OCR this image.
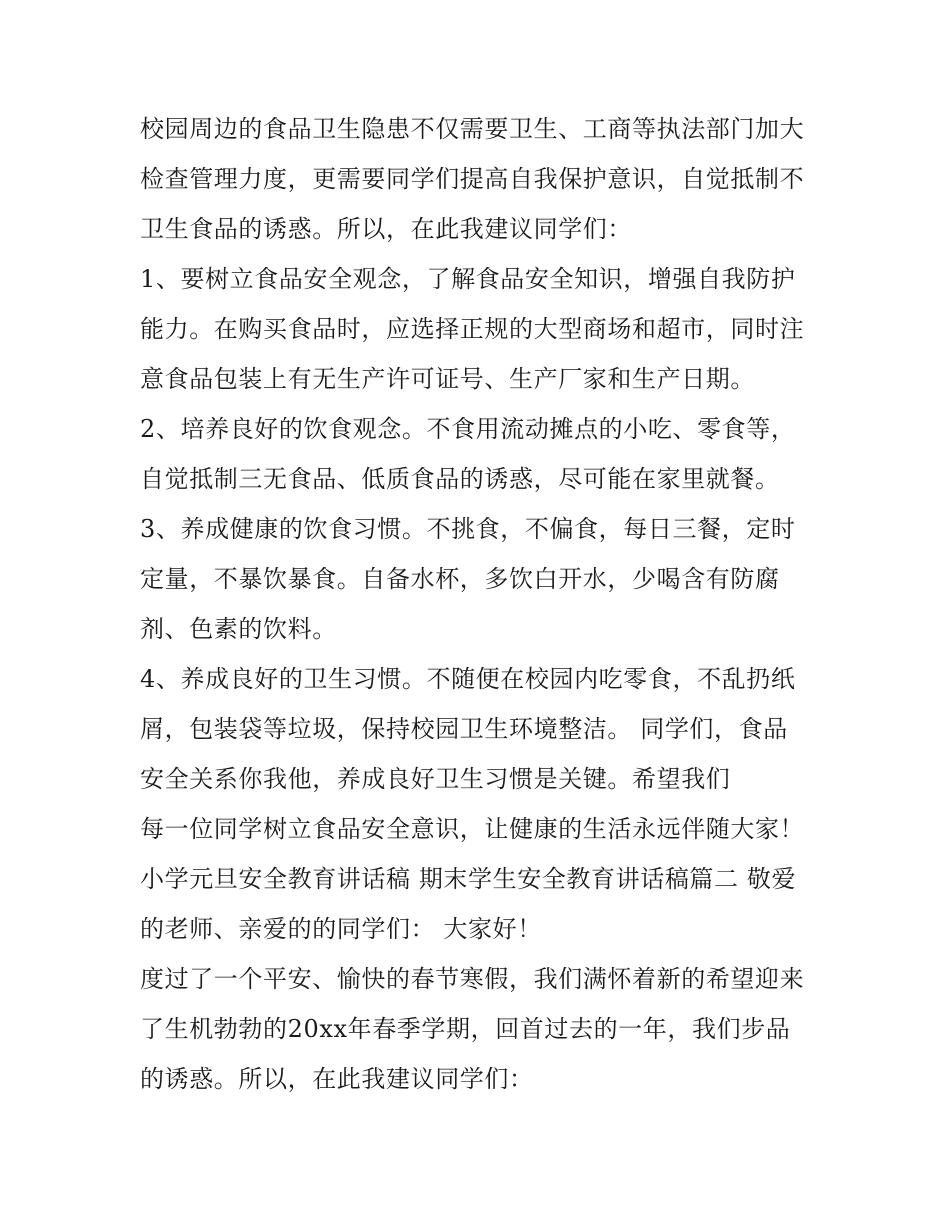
校园周边的食品卫生隐患不仅需要卫生、工商等执法部门加大
检查管理力度，更需要同学们提高自我保护意识，自觉抵制不
卫生食品的诱惑。所以，在此我建议同学们：
1、要树立食品安全观念，了解食品安全知识，增强自我防护
能力。在购买食品时，应选择正规的大型商场和超市，同时注
意食品包装上有无生产许可证号、生产厂家和生产日期。
2、培养良好的饮食观念。不食用流动摊点的小吃、零食等，
自觉抵制三无食品、低质食品的诱惑，尽可能在家里就餐。
3、养成健康的饮食习惯。不挑食，不偏食，每日三餐，定时
定量，不暴饮暴食。自备水杯，多饮白开水，少喝含有防腐
剂、色素的饮料。
4、养成良好的卫生习惯。不随便在校园内吃零食，不乱扔纸
屑，包装袋等垃圾，保持校园卫生环境整洁。 同学们，食品
安全关系你我他，养成良好卫生习惯是关键。希望我们
每一位同学树立食品安全意识，让健康的生活永远伴随大家！
小学元旦安全教育讲话稿 期末学生安全教育讲话稿篇二 敬爱
的老师、亲爱的的同学们： 大家好！
度过了一个平安、愉快的春节寒假，我们满怀着新的希望迎来
了生机勃勃的20xx年春季学期，回首过去的一年，我们步品
的诱惑。所以，在此我建议同学们：
